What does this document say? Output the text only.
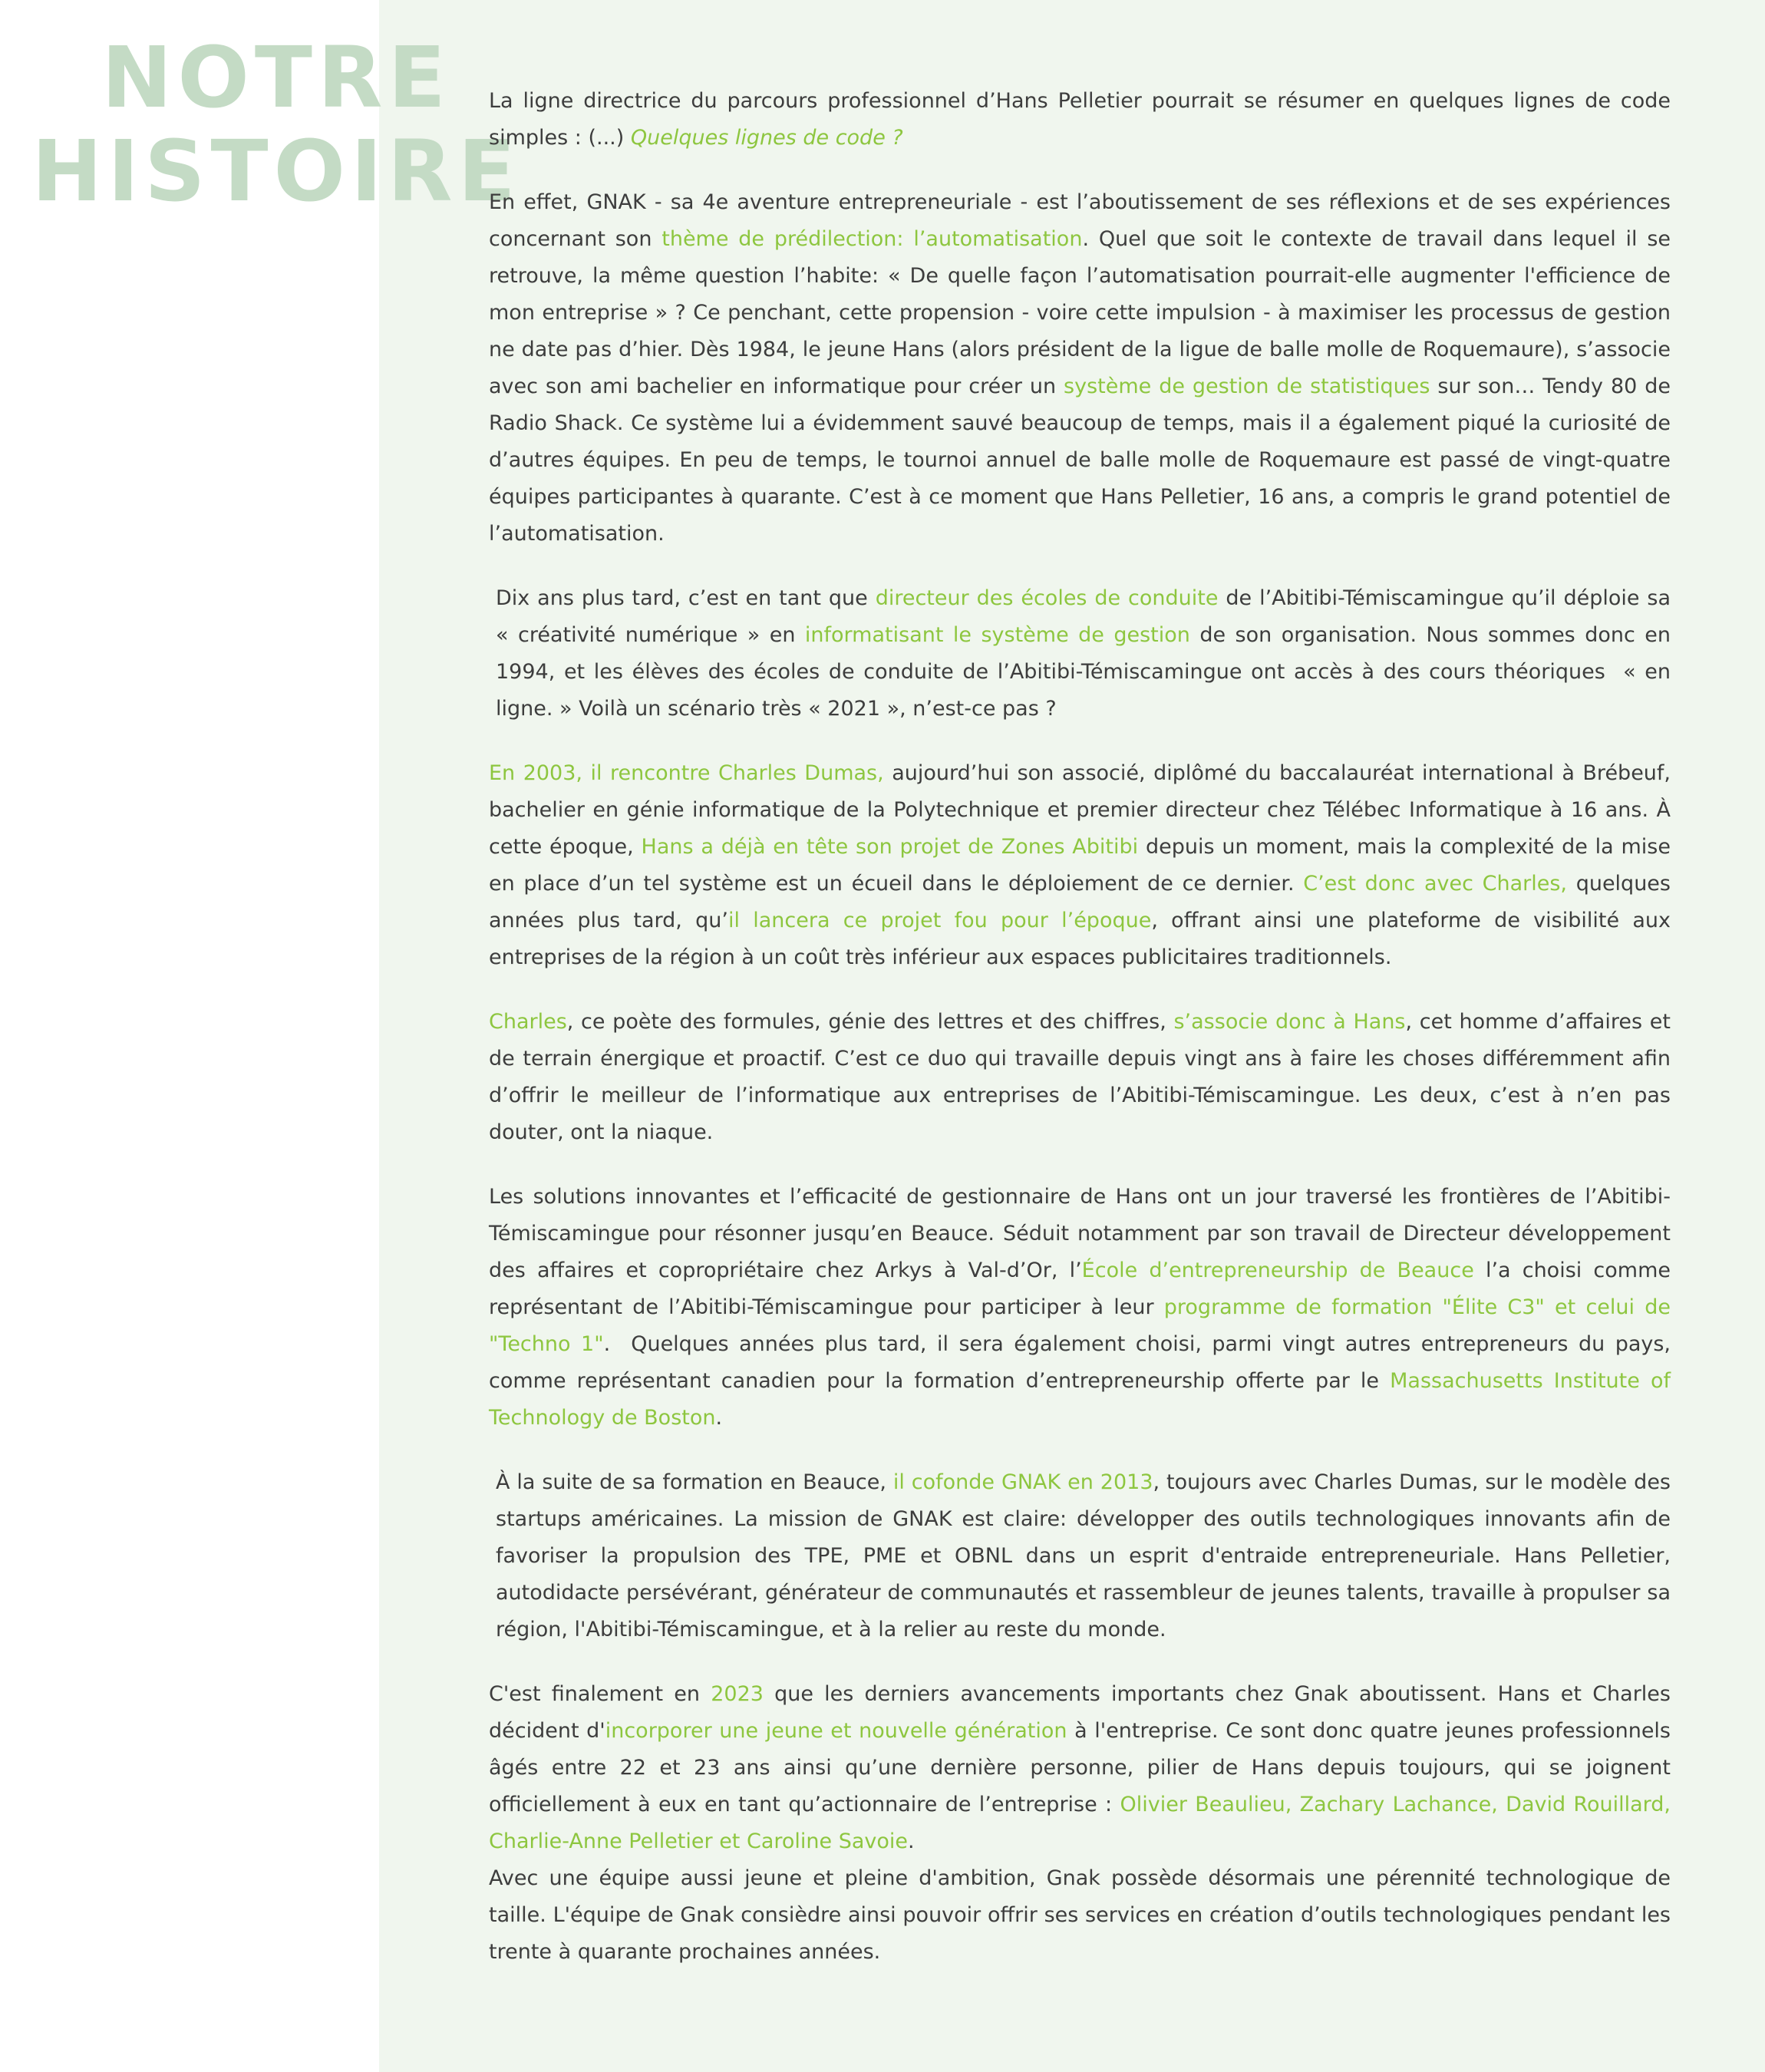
NOTRE
HISTOIRE

La ligne directrice du parcours professionnel d’Hans Pelletier pourrait se résumer en quelques lignes de code simples : (...) Quelques lignes de code ?

En effet, GNAK - sa 4e aventure entrepreneuriale - est l’aboutissement de ses réflexions et de ses expériences concernant son thème de prédilection: l’automatisation. Quel que soit le contexte de travail dans lequel il se retrouve, la même question l’habite: « De quelle façon l’automatisation pourrait-elle augmenter l'efficience de mon entreprise » ? Ce penchant, cette propension - voire cette impulsion - à maximiser les processus de gestion ne date pas d’hier. Dès 1984, le jeune Hans (alors président de la ligue de balle molle de Roquemaure), s’associe avec son ami bachelier en informatique pour créer un système de gestion de statistiques sur son… Tendy 80 de Radio Shack. Ce système lui a évidemment sauvé beaucoup de temps, mais il a également piqué la curiosité de d’autres équipes. En peu de temps, le tournoi annuel de balle molle de Roquemaure est passé de vingt-quatre équipes participantes à quarante. C’est à ce moment que Hans Pelletier, 16 ans, a compris le grand potentiel de l’automatisation.

Dix ans plus tard, c’est en tant que directeur des écoles de conduite de l’Abitibi-Témiscamingue qu’il déploie sa « créativité numérique » en informatisant le système de gestion de son organisation. Nous sommes donc en 1994, et les élèves des écoles de conduite de l’Abitibi-Témiscamingue ont accès à des cours théoriques  « en ligne. » Voilà un scénario très « 2021 », n’est-ce pas ?

En 2003, il rencontre Charles Dumas, aujourd’hui son associé, diplômé du baccalauréat international à Brébeuf, bachelier en génie informatique de la Polytechnique et premier directeur chez Télébec Informatique à 16 ans. À cette époque, Hans a déjà en tête son projet de Zones Abitibi depuis un moment, mais la complexité de la mise en place d’un tel système est un écueil dans le déploiement de ce dernier. C’est donc avec Charles, quelques années plus tard, qu’il lancera ce projet fou pour l’époque, offrant ainsi une plateforme de visibilité aux entreprises de la région à un coût très inférieur aux espaces publicitaires traditionnels.

Charles, ce poète des formules, génie des lettres et des chiffres, s’associe donc à Hans, cet homme d’affaires et de terrain énergique et proactif. C’est ce duo qui travaille depuis vingt ans à faire les choses différemment afin d’offrir le meilleur de l’informatique aux entreprises de l’Abitibi-Témiscamingue. Les deux, c’est à n’en pas douter, ont la niaque.

Les solutions innovantes et l’efficacité de gestionnaire de Hans ont un jour traversé les frontières de l’Abitibi-Témiscamingue pour résonner jusqu’en Beauce. Séduit notamment par son travail de Directeur développement des affaires et copropriétaire chez Arkys à Val-d’Or, l’École d’entrepreneurship de Beauce l’a choisi comme représentant de l’Abitibi-Témiscamingue pour participer à leur programme de formation "Élite C3" et celui de "Techno 1".  Quelques années plus tard, il sera également choisi, parmi vingt autres entrepreneurs du pays, comme représentant canadien pour la formation d’entrepreneurship offerte par le Massachusetts Institute of Technology de Boston.

À la suite de sa formation en Beauce, il cofonde GNAK en 2013, toujours avec Charles Dumas, sur le modèle des startups américaines. La mission de GNAK est claire: développer des outils technologiques innovants afin de favoriser la propulsion des TPE, PME et OBNL dans un esprit d'entraide entrepreneuriale. Hans Pelletier, autodidacte persévérant, générateur de communautés et rassembleur de jeunes talents, travaille à propulser sa région, l'Abitibi-Témiscamingue, et à la relier au reste du monde.

C'est finalement en 2023 que les derniers avancements importants chez Gnak aboutissent. Hans et Charles décident d'incorporer une jeune et nouvelle génération à l'entreprise. Ce sont donc quatre jeunes professionnels âgés entre 22 et 23 ans ainsi qu’une dernière personne, pilier de Hans depuis toujours, qui se joignent officiellement à eux en tant qu’actionnaire de l’entreprise : Olivier Beaulieu, Zachary Lachance, David Rouillard, Charlie-Anne Pelletier et Caroline Savoie.

Avec une équipe aussi jeune et pleine d'ambition, Gnak possède désormais une pérennité technologique de taille. L'équipe de Gnak consièdre ainsi pouvoir offrir ses services en création d’outils technologiques pendant les trente à quarante prochaines années.
